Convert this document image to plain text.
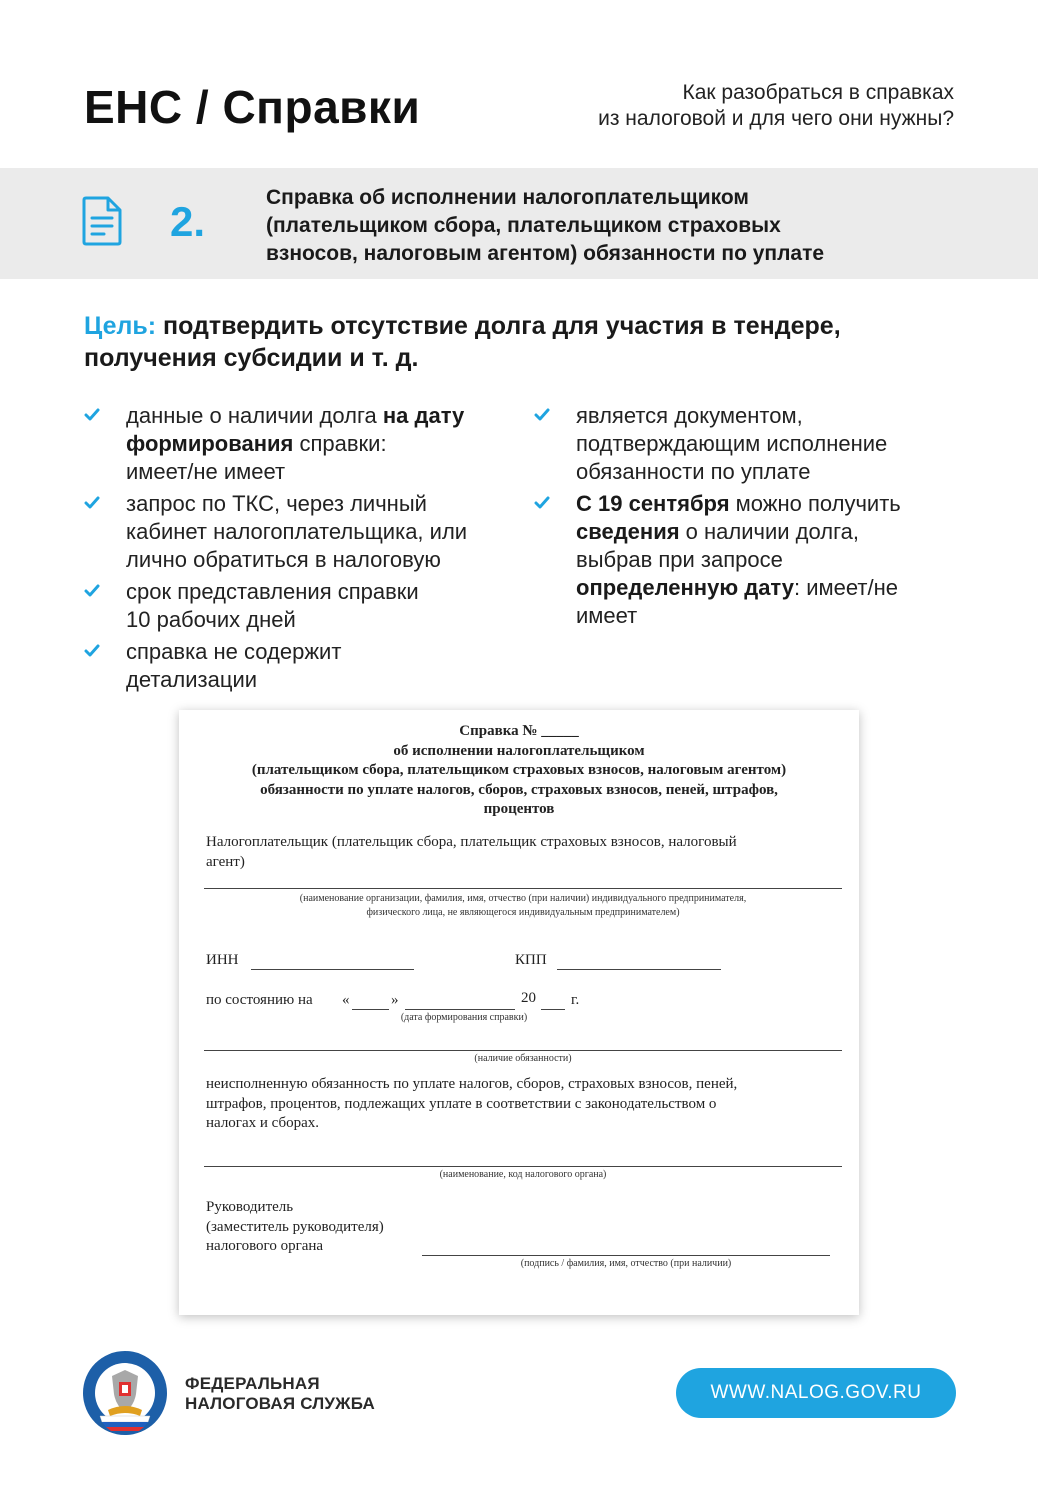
ЕНС / Справки	Как разобраться в справках
из налоговой и для чего они нужны?
2.
Справка об исполнении налогоплательщиком
(плательщиком сбора, плательщиком страховых
взносов, налоговым агентом) обязанности по уплате
Цель: подтвердить отсутствие долга для участия в тендере,
получения субсидии и т. д.
данные о наличии долга на дату
формирования справки:
имеет/не имеет
запрос по ТКС, через личный
кабинет налогоплательщика, или
лично обратиться в налоговую
срок представления справки
10 рабочих дней
справка не содержит
детализации
является документом,
подтверждающим исполнение
обязанности по уплате
С 19 сентября можно получить
сведения о наличии долга,
выбрав при запросе
определенную дату: имеет/не
имеет
Справка № _____
об исполнении налогоплательщиком
(плательщиком сбора, плательщиком страховых взносов, налоговым агентом)
обязанности по уплате налогов, сборов, страховых взносов, пеней, штрафов,
процентов
Налогоплательщик (плательщик сбора, плательщик страховых взносов, налоговый
агент)
(наименование организации, фамилия, имя, отчество (при наличии) индивидуального предпринимателя,
физического лица, не являющегося индивидуальным предпринимателем)
ИНН	КПП
по состоянию на «	»	20 г.
(дата формирования справки)
(наличие обязанности)
неисполненную обязанность по уплате налогов, сборов, страховых взносов, пеней,
штрафов, процентов, подлежащих уплате в соответствии с законодательством о
налогах и сборах.
(наименование, код налогового органа)
Руководитель
(заместитель руководителя)
налогового органа
(подпись / фамилия, имя, отчество (при наличии)
ФЕДЕРАЛЬНАЯ
НАЛОГОВАЯ СЛУЖБА
WWW.NALOG.GOV.RU
